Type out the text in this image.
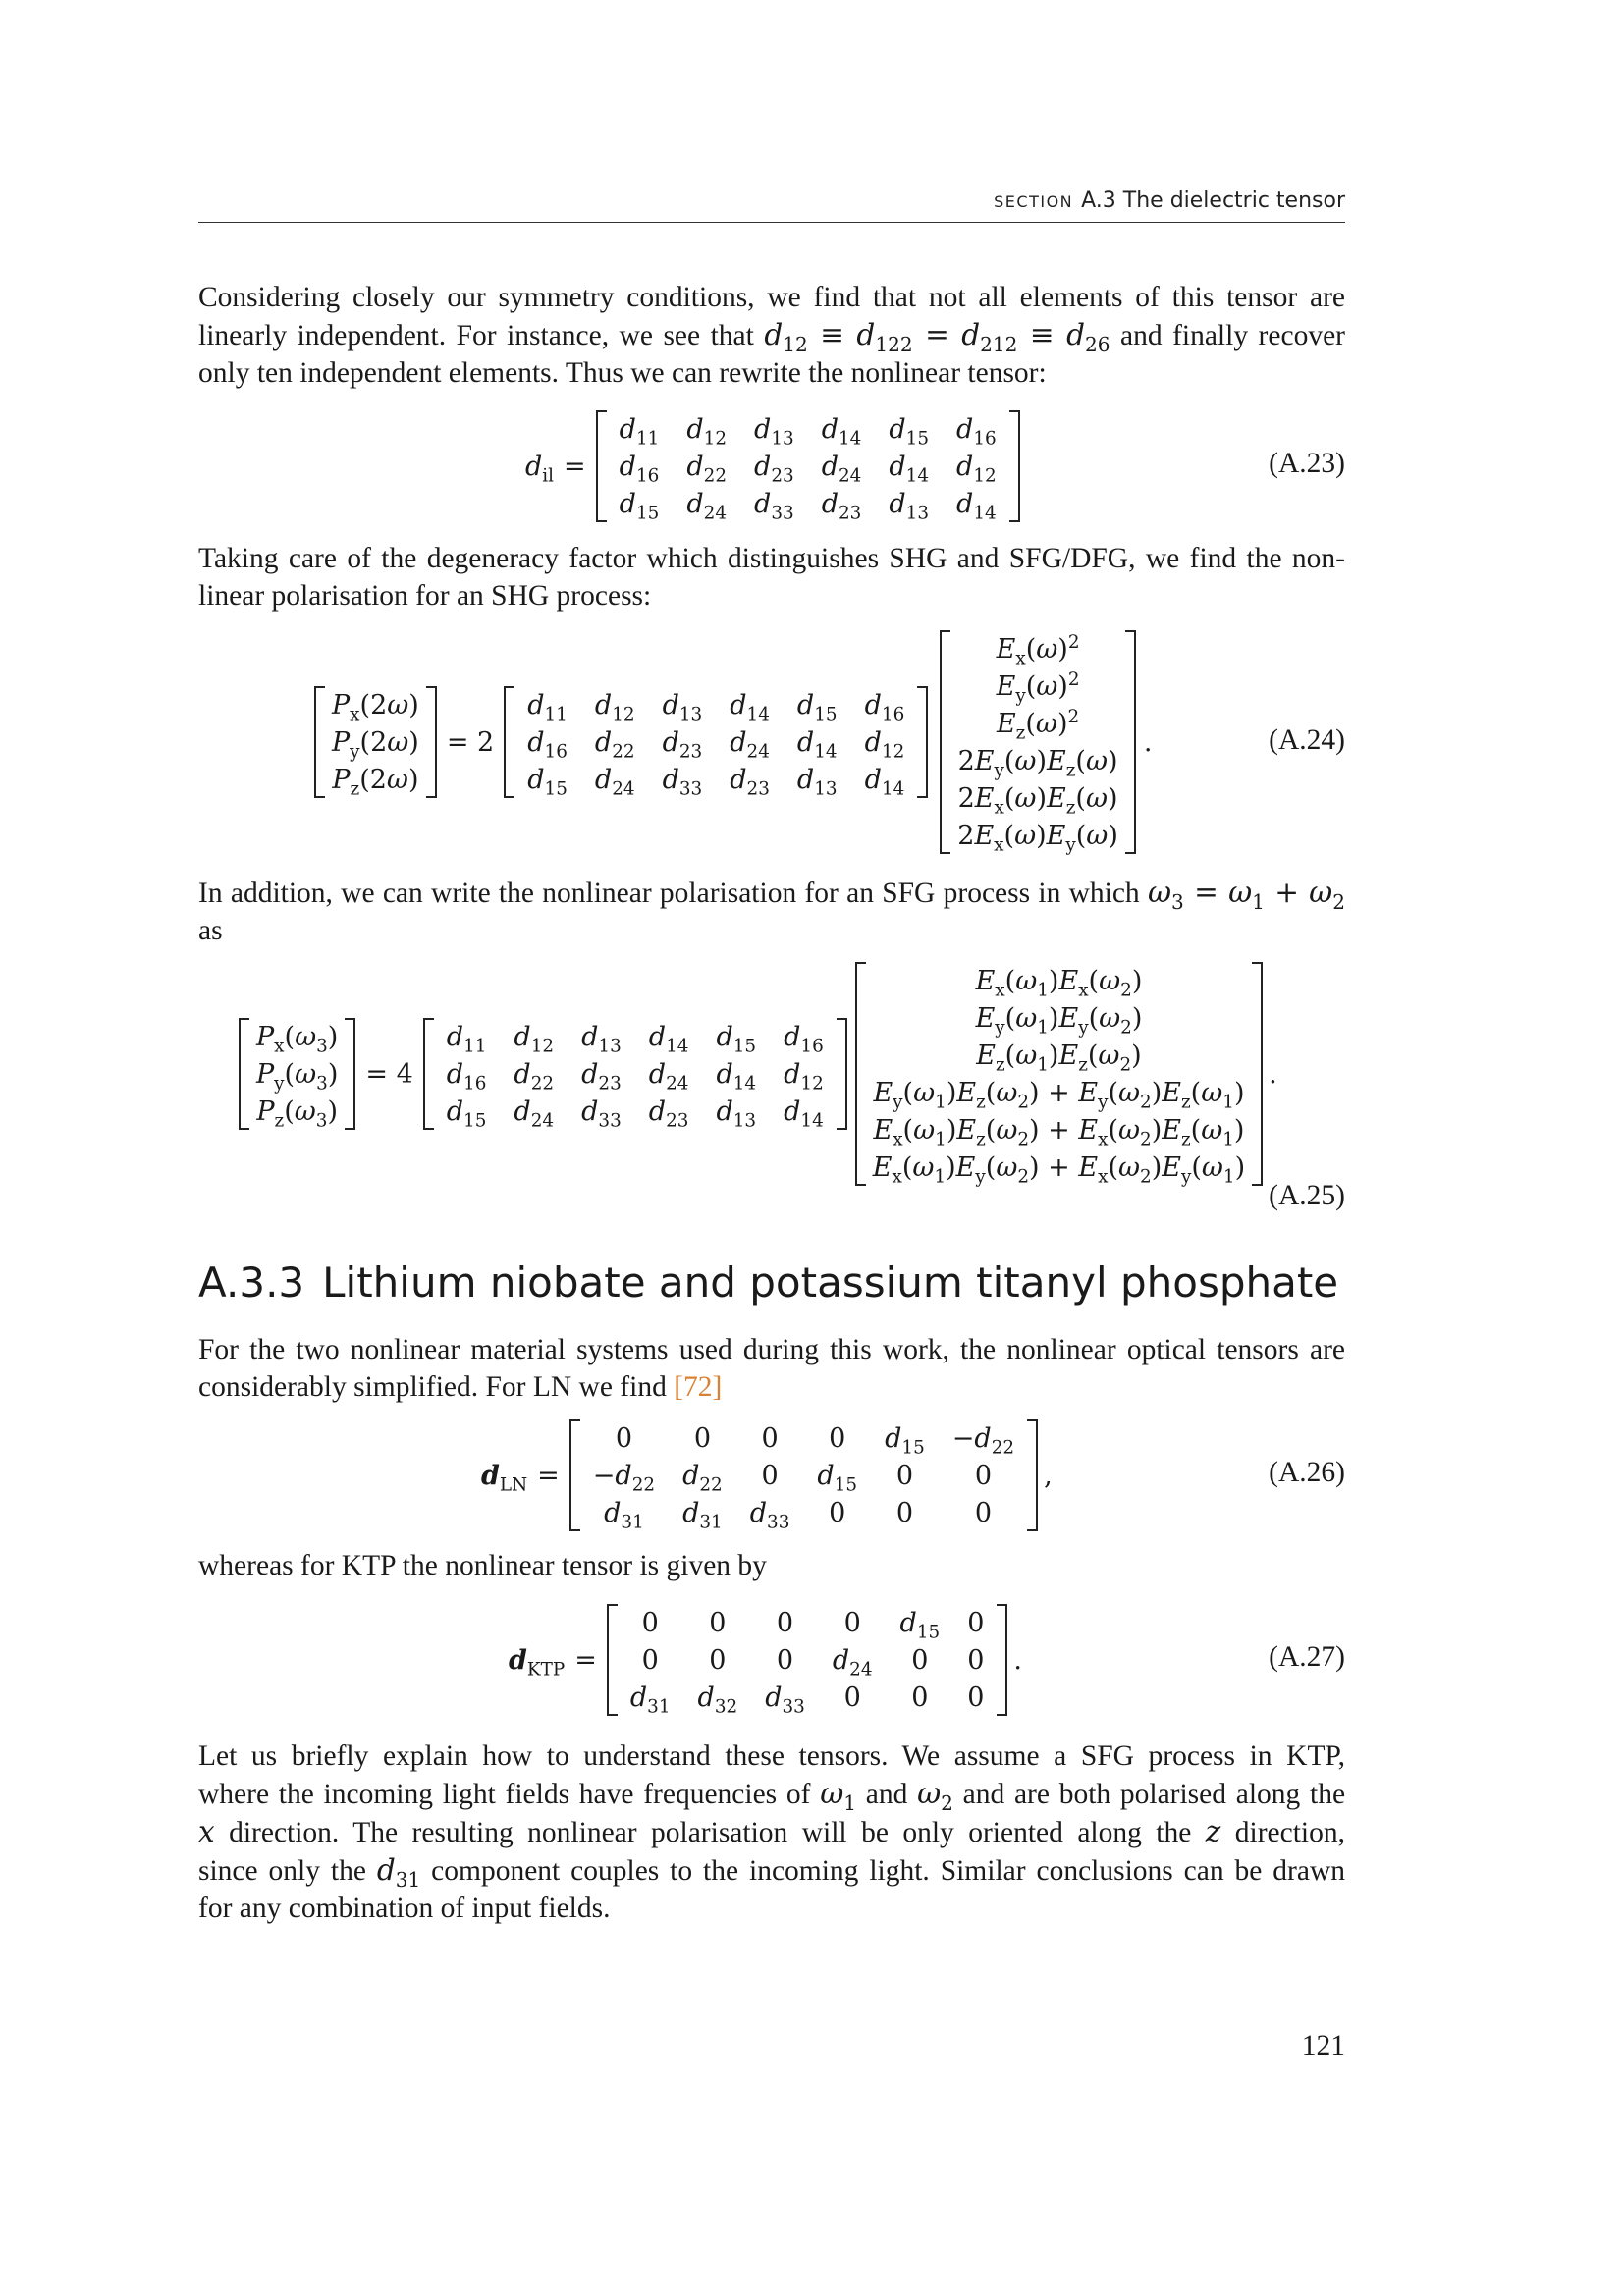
SECTION A.3 The dielectric tensor
Considering closely our symmetry conditions, we find that not all elements of this tensor are
linearly independent. For instance, we see that $d_{12} \equiv d_{122} = d_{212} \equiv d_{26}$ and finally recover
only ten independent elements. Thus we can rewrite the nonlinear tensor:
$d_{il}$ =
$d_{11}$	$d_{12}$	$d_{13}$	$d_{14}$	$d_{15}$	$d_{16}$
$d_{16}$	$d_{22}$	$d_{23}$	$d_{24}$	$d_{14}$	$d_{12}$
$d_{15}$	$d_{24}$	$d_{33}$	$d_{23}$	$d_{13}$	$d_{14}$
(A.23)
Taking care of the degeneracy factor which distinguishes SHG and SFG/DFG, we find the non-
linear polarisation for an SHG process:
$P_x(2\omega)$
$P_y(2\omega)$
$P_z(2\omega)$
= 2
$d_{11}$	$d_{12}$	$d_{13}$	$d_{14}$	$d_{15}$	$d_{16}$
$d_{16}$	$d_{22}$	$d_{23}$	$d_{24}$	$d_{14}$	$d_{12}$
$d_{15}$	$d_{24}$	$d_{33}$	$d_{23}$	$d_{13}$	$d_{14}$
$E_x(\omega)^2$
$E_y(\omega)^2$
$E_z(\omega)^2$
$2E_y(\omega)E_z(\omega)$
$2E_x(\omega)E_z(\omega)$
$2E_x(\omega)E_y(\omega)$
.	(A.24)
In addition, we can write the nonlinear polarisation for an SFG process in which $\omega_3 = \omega_1 + \omega_2$
as
$P_x(\omega_3)$
$P_y(\omega_3)$
$P_z(\omega_3)$
= 4
$d_{11}$	$d_{12}$	$d_{13}$	$d_{14}$	$d_{15}$	$d_{16}$
$d_{16}$	$d_{22}$	$d_{23}$	$d_{24}$	$d_{14}$	$d_{12}$
$d_{15}$	$d_{24}$	$d_{33}$	$d_{23}$	$d_{13}$	$d_{14}$
$E_x(\omega_1)E_x(\omega_2)$
$E_y(\omega_1)E_y(\omega_2)$
$E_z(\omega_1)E_z(\omega_2)$
$E_y(\omega_1)E_z(\omega_2) + E_y(\omega_2)E_z(\omega_1)$
$E_x(\omega_1)E_z(\omega_2) + E_x(\omega_2)E_z(\omega_1)$
$E_x(\omega_1)E_y(\omega_2) + E_x(\omega_2)E_y(\omega_1)$
.
(A.25)
A.3.3 Lithium niobate and potassium titanyl phosphate
For the two nonlinear material systems used during this work, the nonlinear optical tensors are
considerably simplified. For LN we find [72]
$d_{LN}$ =
0	0	0	0	$d_{15}$	$-d_{22}$
$-d_{22}$	$d_{22}$	0	$d_{15}$	0	0
$d_{31}$	$d_{31}$	$d_{33}$	0	0	0
,	(A.26)
whereas for KTP the nonlinear tensor is given by
$d_{KTP}$ =
0	0	0	0	$d_{15}$	0
0	0	0	$d_{24}$	0	0
$d_{31}$	$d_{32}$	$d_{33}$	0	0	0
.	(A.27)
Let us briefly explain how to understand these tensors. We assume a SFG process in KTP,
where the incoming light fields have frequencies of $\omega_1$ and $\omega_2$ and are both polarised along the
x direction. The resulting nonlinear polarisation will be only oriented along the z direction,
since only the $d_{31}$ component couples to the incoming light. Similar conclusions can be drawn
for any combination of input fields.
121
